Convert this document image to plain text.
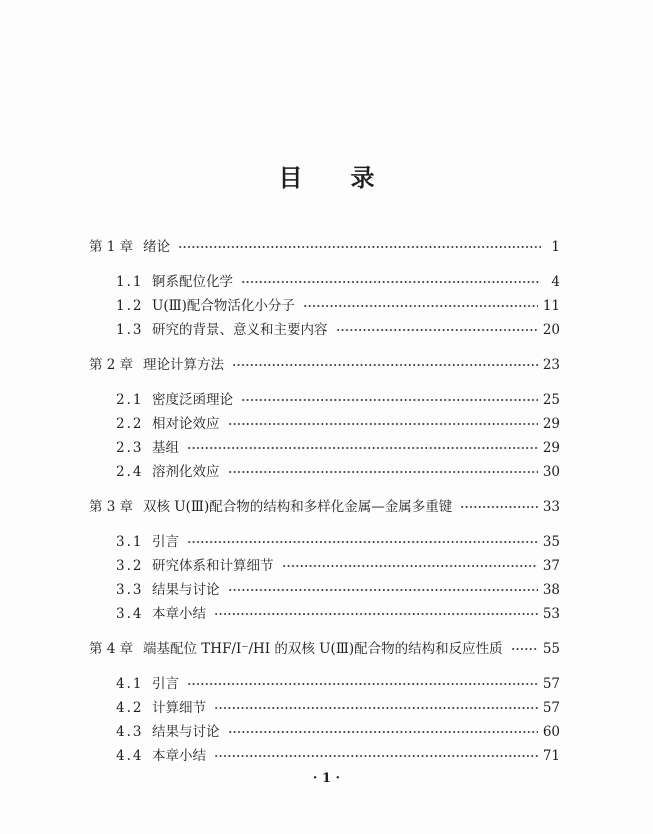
目录
第 1 章 绪论	1
1.1 锕系配位化学	4
1.2 U(Ⅲ)配合物活化小分子	11
1.3 研究的背景、意义和主要内容	20
第 2 章 理论计算方法	23
2.1 密度泛函理论	25
2.2 相对论效应	29
2.3 基组	29
2.4 溶剂化效应	30
第 3 章 双核 U(Ⅲ)配合物的结构和多样化金属—金属多重键	33
3.1 引言	35
3.2 研究体系和计算细节	37
3.3 结果与讨论	38
3.4 本章小结	53
第 4 章 端基配位 THF/I⁻/HI 的双核 U(Ⅲ)配合物的结构和反应性质	55
4.1 引言	57
4.2 计算细节	57
4.3 结果与讨论	60
4.4 本章小结	71
· 1 ·
